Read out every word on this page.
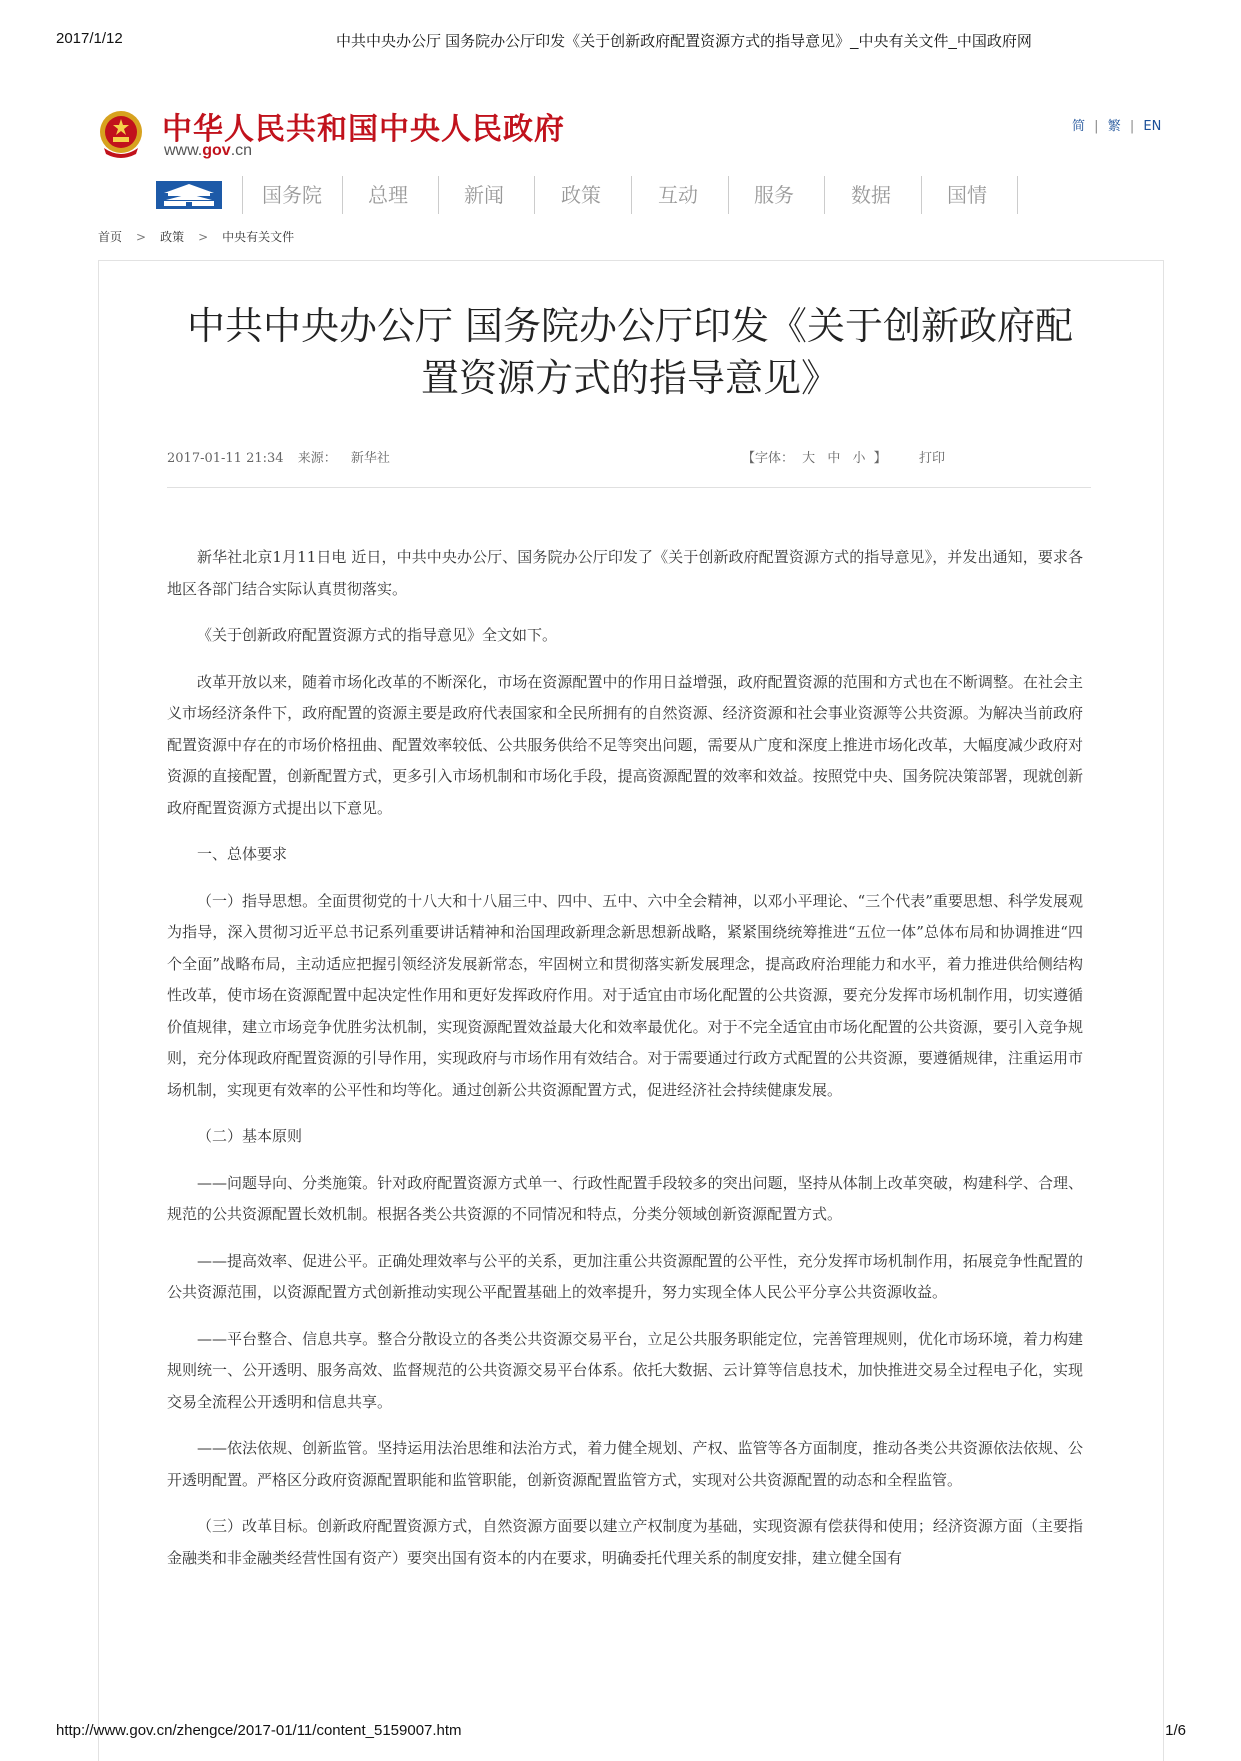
2017/1/12	中共中央办公厅 国务院办公厅印发《关于创新政府配置资源方式的指导意见》_中央有关文件_中国政府网
中华人民共和国中央人民政府
www.gov.cn
简 | 繁 | EN
国务院	总理	新闻	政策	互动	服务	数据	国情
首页 > 政策 > 中央有关文件
中共中央办公厅 国务院办公厅印发《关于创新政府配
置资源方式的指导意见》
2017-01-11 21:34 来源： 新华社	【字体： 大 中 小 】 打印

新华社北京1月11日电 近日，中共中央办公厅、国务院办公厅印发了《关于创新政府配置资源方式的指导意见》，并发出通知，要求各地区各部门结合实际认真贯彻落实。

《关于创新政府配置资源方式的指导意见》全文如下。

改革开放以来，随着市场化改革的不断深化，市场在资源配置中的作用日益增强，政府配置资源的范围和方式也在不断调整。在社会主义市场经济条件下，政府配置的资源主要是政府代表国家和全民所拥有的自然资源、经济资源和社会事业资源等公共资源。为解决当前政府配置资源中存在的市场价格扭曲、配置效率较低、公共服务供给不足等突出问题，需要从广度和深度上推进市场化改革，大幅度减少政府对资源的直接配置，创新配置方式，更多引入市场机制和市场化手段，提高资源配置的效率和效益。按照党中央、国务院决策部署，现就创新政府配置资源方式提出以下意见。

一、总体要求

（一）指导思想。全面贯彻党的十八大和十八届三中、四中、五中、六中全会精神，以邓小平理论、“三个代表”重要思想、科学发展观为指导，深入贯彻习近平总书记系列重要讲话精神和治国理政新理念新思想新战略，紧紧围绕统筹推进“五位一体”总体布局和协调推进“四个全面”战略布局，主动适应把握引领经济发展新常态，牢固树立和贯彻落实新发展理念，提高政府治理能力和水平，着力推进供给侧结构性改革，使市场在资源配置中起决定性作用和更好发挥政府作用。对于适宜由市场化配置的公共资源，要充分发挥市场机制作用，切实遵循价值规律，建立市场竞争优胜劣汰机制，实现资源配置效益最大化和效率最优化。对于不完全适宜由市场化配置的公共资源，要引入竞争规则，充分体现政府配置资源的引导作用，实现政府与市场作用有效结合。对于需要通过行政方式配置的公共资源，要遵循规律，注重运用市场机制，实现更有效率的公平性和均等化。通过创新公共资源配置方式，促进经济社会持续健康发展。

（二）基本原则

——问题导向、分类施策。针对政府配置资源方式单一、行政性配置手段较多的突出问题，坚持从体制上改革突破，构建科学、合理、规范的公共资源配置长效机制。根据各类公共资源的不同情况和特点，分类分领域创新资源配置方式。

——提高效率、促进公平。正确处理效率与公平的关系，更加注重公共资源配置的公平性，充分发挥市场机制作用，拓展竞争性配置的公共资源范围，以资源配置方式创新推动实现公平配置基础上的效率提升，努力实现全体人民公平分享公共资源收益。

——平台整合、信息共享。整合分散设立的各类公共资源交易平台，立足公共服务职能定位，完善管理规则，优化市场环境，着力构建规则统一、公开透明、服务高效、监督规范的公共资源交易平台体系。依托大数据、云计算等信息技术，加快推进交易全过程电子化，实现交易全流程公开透明和信息共享。

——依法依规、创新监管。坚持运用法治思维和法治方式，着力健全规划、产权、监管等各方面制度，推动各类公共资源依法依规、公开透明配置。严格区分政府资源配置职能和监管职能，创新资源配置监管方式，实现对公共资源配置的动态和全程监管。

（三）改革目标。创新政府配置资源方式，自然资源方面要以建立产权制度为基础，实现资源有偿获得和使用；经济资源方面（主要指金融类和非金融类经营性国有资产）要突出国有资本的内在要求，明确委托代理关系的制度安排，建立健全国有

http://www.gov.cn/zhengce/2017-01/11/content_5159007.htm	1/6
